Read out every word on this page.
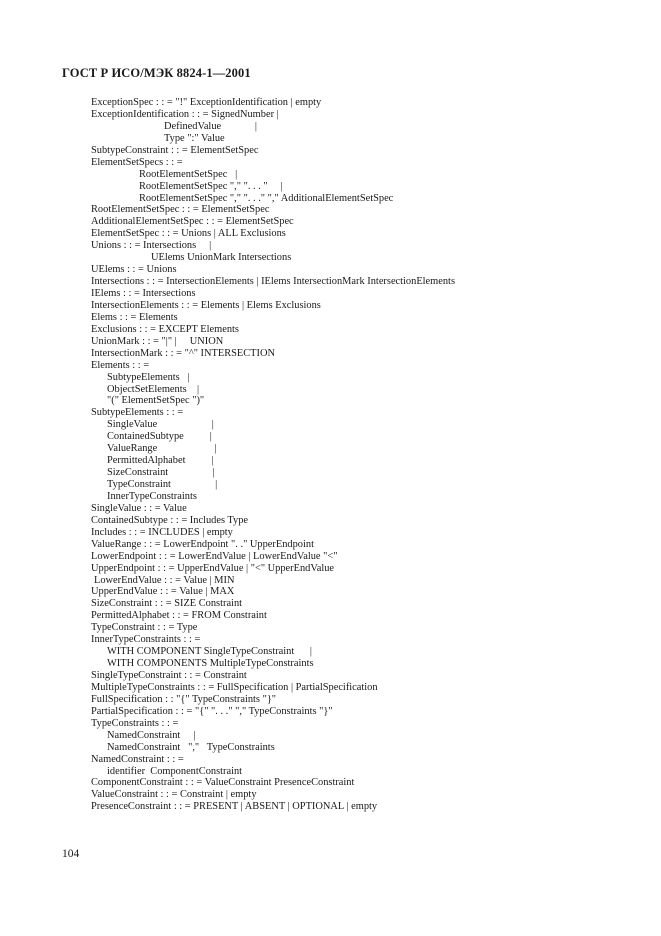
ГОСТ Р ИСО/МЭК 8824-1—2001
ExceptionSpec : : = "!" ExceptionIdentification | empty
ExceptionIdentification : : = SignedNumber |
DefinedValue             |
Type ":" Value
SubtypeConstraint : : = ElementSetSpec
ElementSetSpecs : : =
RootElementSetSpec   |
RootElementSetSpec "," ". . . "     |
RootElementSetSpec "," ". . ." "," AdditionalElementSetSpec
RootElementSetSpec : : = ElementSetSpec
AdditionalElementSetSpec : : = ElementSetSpec
ElementSetSpec : : = Unions | ALL Exclusions
Unions : : = Intersections     |
UElems UnionMark Intersections
UElems : : = Unions
Intersections : : = IntersectionElements | IElems IntersectionMark IntersectionElements
IElems : : = Intersections
IntersectionElements : : = Elements | Elems Exclusions
Elems : : = Elements
Exclusions : : = EXCEPT Elements
UnionMark : : = "|" |     UNION
IntersectionMark : : = "^" INTERSECTION
Elements : : =
SubtypeElements   |
ObjectSetElements    |
"(" ElementSetSpec ")"
SubtypeElements : : =
SingleValue                     |
ContainedSubtype          |
ValueRange                      |
PermittedAlphabet          |
SizeConstraint                 |
TypeConstraint                 |
InnerTypeConstraints
SingleValue : : = Value
ContainedSubtype : : = Includes Type
Includes : : = INCLUDES | empty
ValueRange : : = LowerEndpoint ". ." UpperEndpoint
LowerEndpoint : : = LowerEndValue | LowerEndValue "<"
UpperEndpoint : : = UpperEndValue | "<" UpperEndValue
LowerEndValue : : = Value | MIN
UpperEndValue : : = Value | MAX
SizeConstraint : : = SIZE Constraint
PermittedAlphabet : : = FROM Constraint
TypeConstraint : : = Type
InnerTypeConstraints : : =
WITH COMPONENT SingleTypeConstraint      |
WITH COMPONENTS MultipleTypeConstraints
SingleTypeConstraint : : = Constraint
MultipleTypeConstraints : : = FullSpecification | PartialSpecification
FullSpecification : : "{" TypeConstraints "}"
PartialSpecification : : = "{" ". . ." "," TypeConstraints "}"
TypeConstraints : : =
NamedConstraint     |
NamedConstraint   ","   TypeConstraints
NamedConstraint : : =
identifier  ComponentConstraint
ComponentConstraint : : = ValueConstraint PresenceConstraint
ValueConstraint : : = Constraint | empty
PresenceConstraint : : = PRESENT | ABSENT | OPTIONAL | empty
104
